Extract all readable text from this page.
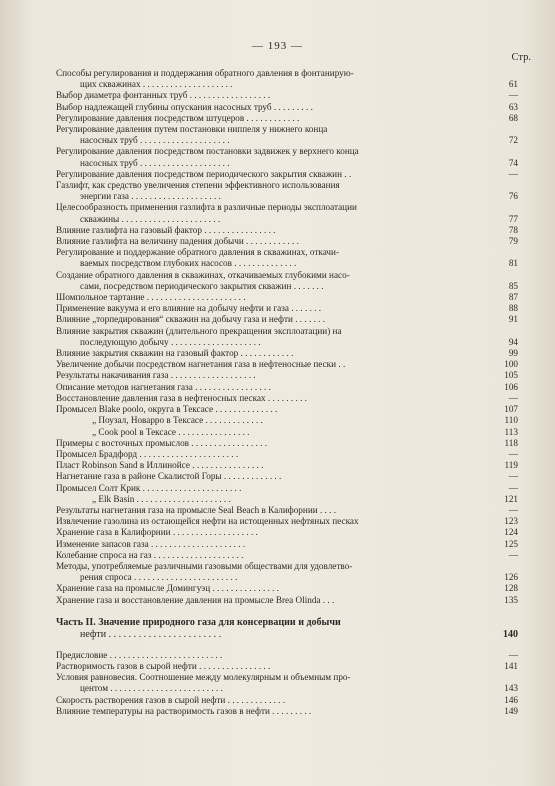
— 193 —
Стр.
Способы регулирования и поддержания обратного давления в фонтанирую-
щих скважинах . . . . . . . . . . . . . . . . . . . .	61
Выбор диаметра фонтанных труб . . . . . . . . . . . . . . . . . .	—
Выбор надлежащей глубины опускания насосных труб . . . . . . . . .	63
Регулирование давления посредством штуцеров . . . . . . . . . . . .	68
Регулирование давления путем постановки ниппеля у нижнего конца
насосных труб . . . . . . . . . . . . . . . . . . . .	72
Регулирование давления посредством постановки задвижек у верхнего конца
насосных труб . . . . . . . . . . . . . . . . . . . .	74
Регулирование давления посредством периодического закрытия скважин . .	—
Газлифт, как средство увеличения степени эффективного использования
энергии газа . . . . . . . . . . . . . . . . . . . .	76
Целесообразность применения газлифта в различные периоды эксплоатации
скважины . . . . . . . . . . . . . . . . . . . . . .	77
Влияние газлифта на газовый фактор . . . . . . . . . . . . . . . .	78
Влияние газлифта на величину падения добычи . . . . . . . . . . . .	79
Регулирование и поддержание обратного давления в скважинах, откачи-
ваемых посредством глубоких насосов . . . . . . . . . . . . . .	81
Создание обратного давления в скважинах, откачиваемых глубокими насо-
сами, посредством периодического закрытия скважин . . . . . . .	85
Шомпольное тартание . . . . . . . . . . . . . . . . . . . . . .	87
Применение вакуума и его влияние на добычу нефти и газа . . . . . . .	88
Влияние „торпедирования“ скважин на добычу газа и нефти . . . . . . .	91
Влияние закрытия скважин (длительного прекращения эксплоатации) на
последующую добычу . . . . . . . . . . . . . . . . . . . .	94
Влияние закрытия скважин на газовый фактор . . . . . . . . . . . .	99
Увеличение добычи посредством нагнетания газа в нефтеносные пески . .	100
Результаты накачивания газа . . . . . . . . . . . . . . . . . . .	105
Описание методов нагнетания газа . . . . . . . . . . . . . . . . .	106
Восстановление давления газа в нефтеносных песках . . . . . . . . .	—
Промысел Blake poolo, округа в Тексасе . . . . . . . . . . . . . .	107
„ Поузал, Новарро в Тексасе . . . . . . . . . . . . .	110
„ Cook pool в Тексасе . . . . . . . . . . . . . . . .	113
Примеры с восточных промыслов . . . . . . . . . . . . . . . . .	118
Промысел Брадфорд . . . . . . . . . . . . . . . . . . . . . .	—
Пласт Robinson Sand в Иллинойсе . . . . . . . . . . . . . . . .	119
Нагнетание газа в районе Скалистой Горы . . . . . . . . . . . . .	—
Промысел Солт Крик . . . . . . . . . . . . . . . . . . . . . .	—
„ Elk Basin . . . . . . . . . . . . . . . . . . . . .	121
Результаты нагнетания газа на промысле Seal Beach в Калифорнии . . . .	—
Извлечение газолина из остающейся нефти на истощенных нефтяных песках	123
Хранение газа в Калифорнии . . . . . . . . . . . . . . . . . . .	124
Изменение запасов газа . . . . . . . . . . . . . . . . . . . . .	125
Колебание спроса на газ . . . . . . . . . . . . . . . . . . . .	—
Методы, употребляемые различными газовыми обществами для удовлетво-
рения спроса . . . . . . . . . . . . . . . . . . . . . . .	126
Хранение газа на промысле Домингуэц . . . . . . . . . . . . . . .	128
Хранение газа и восстановление давления на промысле Brea Olinda . . .	135
Часть II. Значение природного газа для консервации и добычи
нефти . . . . . . . . . . . . . . . . . . . . . . .	140
Предисловие . . . . . . . . . . . . . . . . . . . . . . . . .	—
Растворимость газов в сырой нефти . . . . . . . . . . . . . . . .	141
Условия равновесия. Соотношение между молекулярным и объемным про-
центом . . . . . . . . . . . . . . . . . . . . . . . . .	143
Скорость растворения газов в сырой нефти . . . . . . . . . . . . .	146
Влияние температуры на растворимость газов в нефти . . . . . . . . .	149
